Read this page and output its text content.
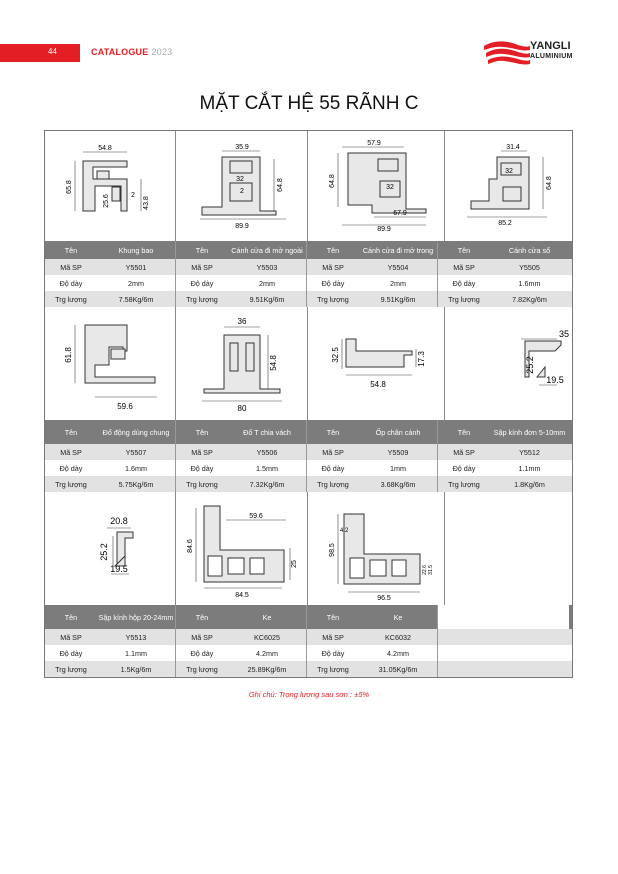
44	CATALOGUE 2023	YANGLI
ALUMINIUM
MẶT CẮT HỆ 55 RÃNH C
54.8
65.8
25.6	2
43.8
35.9
32
2	64.8
89.9
57.9
64.8	32
67.9
89.9
31.4
32
64.8
85.2
Tên	Khung bao	Tên	Cánh cửa đi mở ngoài	Tên	Cánh cửa đi mở trong	Tên	Cánh cửa sổ
Mã SP	Y5501	Mã SP	Y5503	Mã SP	Y5504	Mã SP	Y5505
Độ dày	2mm	Độ dày	2mm	Độ dày	2mm	Độ dày	1.6mm
Trg lượng	7.58Kg/6m	Trg lượng	9.51Kg/6m	Trg lượng	9.51Kg/6m	Trg lượng	7.82Kg/6m
61.8
59.6
36
54.8
80
32.5	17.3
54.8
35
25.2
19.5
Tên	Đố động dùng chung	Tên	Đố T chia vách	Tên	Ốp chân cánh	Tên	Sập kính đơn 5-10mm
Mã SP	Y5507	Mã SP	Y5506	Mã SP	Y5509	Mã SP	Y5512
Độ dày	1.6mm	Độ dày	1.5mm	Độ dày	1mm	Độ dày	1.1mm
Trg lượng	5.75Kg/6m	Trg lượng	7.32Kg/6m	Trg lượng	3.68Kg/6m	Trg lượng	1.8Kg/6m
20.8
25.2
19.5
59.6
84.6
25
84.5
4.2
98.5
22.6 31.5
96.5
Tên	Sập kính hộp 20-24mm	Tên	Ke	Tên	Ke
Mã SP	Y5513	Mã SP	KC6025	Mã SP	KC6032
Độ dày	1.1mm	Độ dày	4.2mm	Độ dày	4.2mm
Trg lượng	1.5Kg/6m	Trg lượng	25.89Kg/6m	Trg lượng	31.05Kg/6m
Ghi chú: Trọng lượng sau sơn : ±5%
